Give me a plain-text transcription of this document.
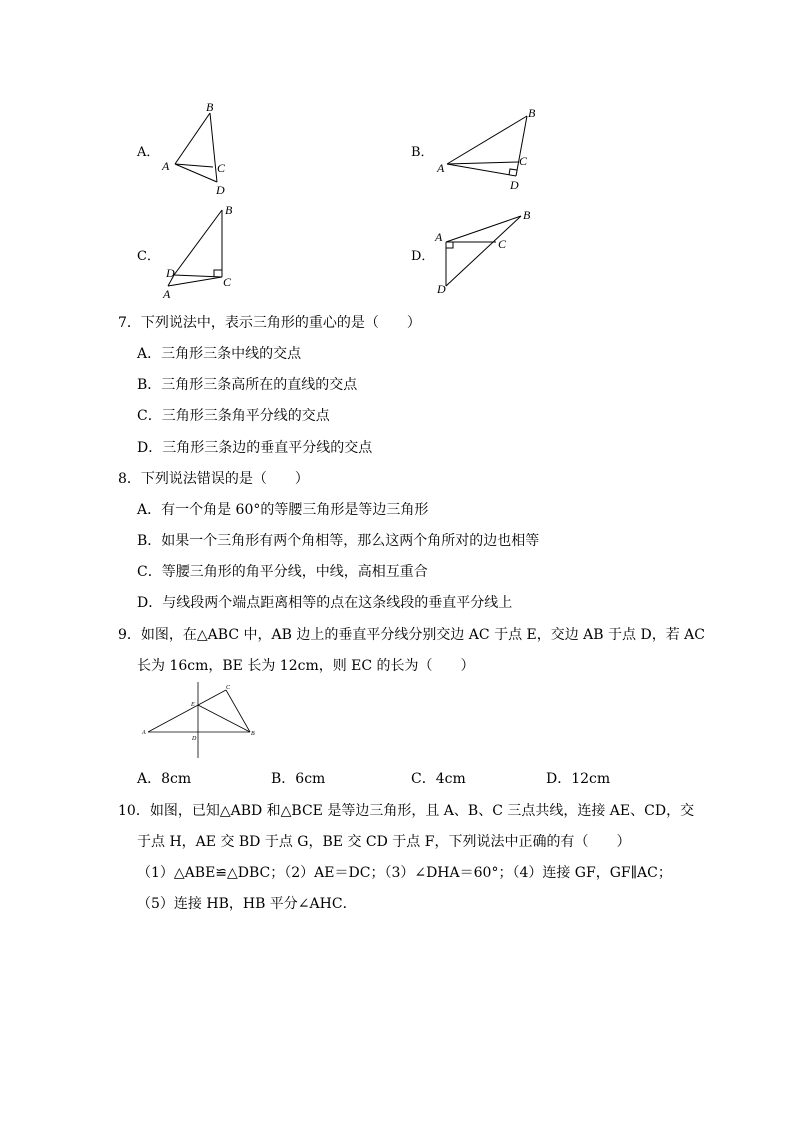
A．
B
A	C
D
B．
B
A	C
D
C．
B
D
C
A
D．
B
A	C
D
7．下列说法中，表示三角形的重心的是（　　）
A．三角形三条中线的交点
B．三角形三条高所在的直线的交点
C．三角形三条角平分线的交点
D．三角形三条边的垂直平分线的交点
8．下列说法错误的是（　　）
A．有一个角是 60°的等腰三角形是等边三角形
B．如果一个三角形有两个角相等，那么这两个角所对的边也相等
C．等腰三角形的角平分线，中线，高相互重合
D．与线段两个端点距离相等的点在这条线段的垂直平分线上
9．如图，在△ABC 中，AB 边上的垂直平分线分别交边 AC 于点 E，交边 AB 于点 D，若 AC
长为 16cm，BE 长为 12cm，则 EC 的长为（　　）
A	B
C
D
E
A．8cm	B．6cm	C．4cm	D．12cm
10．如图，已知△ABD 和△BCE 是等边三角形，且 A、B、C 三点共线，连接 AE、CD，交
于点 H，AE 交 BD 于点 G，BE 交 CD 于点 F，下列说法中正确的有（　　）
（1）△ABE≌△DBC；（2）AE＝DC；（3）∠DHA＝60°；（4）连接 GF，GF∥AC；
（5）连接 HB，HB 平分∠AHC．
